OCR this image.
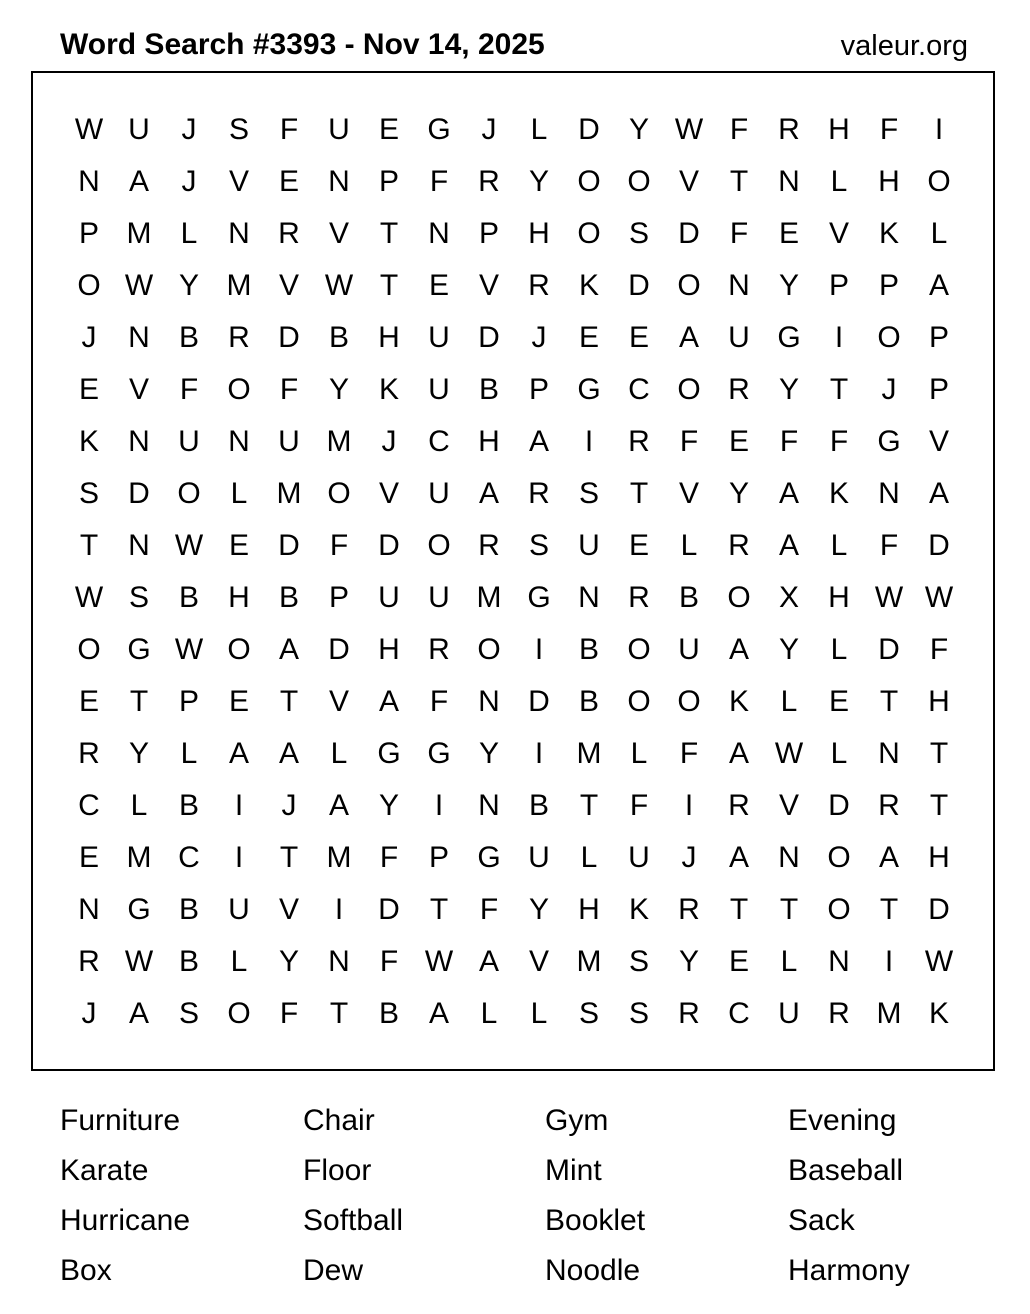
Word Search #3393 - Nov 14, 2025	valeur.org
W U	J	S	F	U E G	J	L	D Y W F	R H	F	I
N A	J	V E N P	F	R Y O O V	T	N	L	H O
P M L	N R V	T	N P H O S D	F	E V K	L
O W Y M V W T	E V R K D O N Y P P A
J	N B R D B H U D	J	E E A U G	I	O P
E V	F O F	Y K U B P G C O R Y	T	J	P
K N U N U M	J	C H A	I	R	F	E	F	F G V
S D O L M O V U A R S	T	V Y A K N A
T	N W E D	F	D O R S U E	L	R A	L	F	D
W S B H B P U U M G N R B O X H W W
O G W O A D H R O	I	B O U A Y	L	D	F
E	T	P E	T	V A	F	N D B O O K	L	E	T	H
R Y	L	A A	L G G Y	I	M L	F	A W L	N	T
C	L	B	I	J	A Y	I	N B	T	F	I	R V D R	T
E M C	I	T M F	P G U	L	U	J	A N O A H
N G B U V	I	D	T	F	Y H K R	T	T O T	D
R W B	L	Y N	F W A V M S Y E	L	N	I	W
J	A S O F	T	B A	L	L	S S R C U R M K
Furniture
Karate
Hurricane
Box
Chair
Floor
Softball
Dew
Gym
Mint
Booklet
Noodle
Evening
Baseball
Sack
Harmony
